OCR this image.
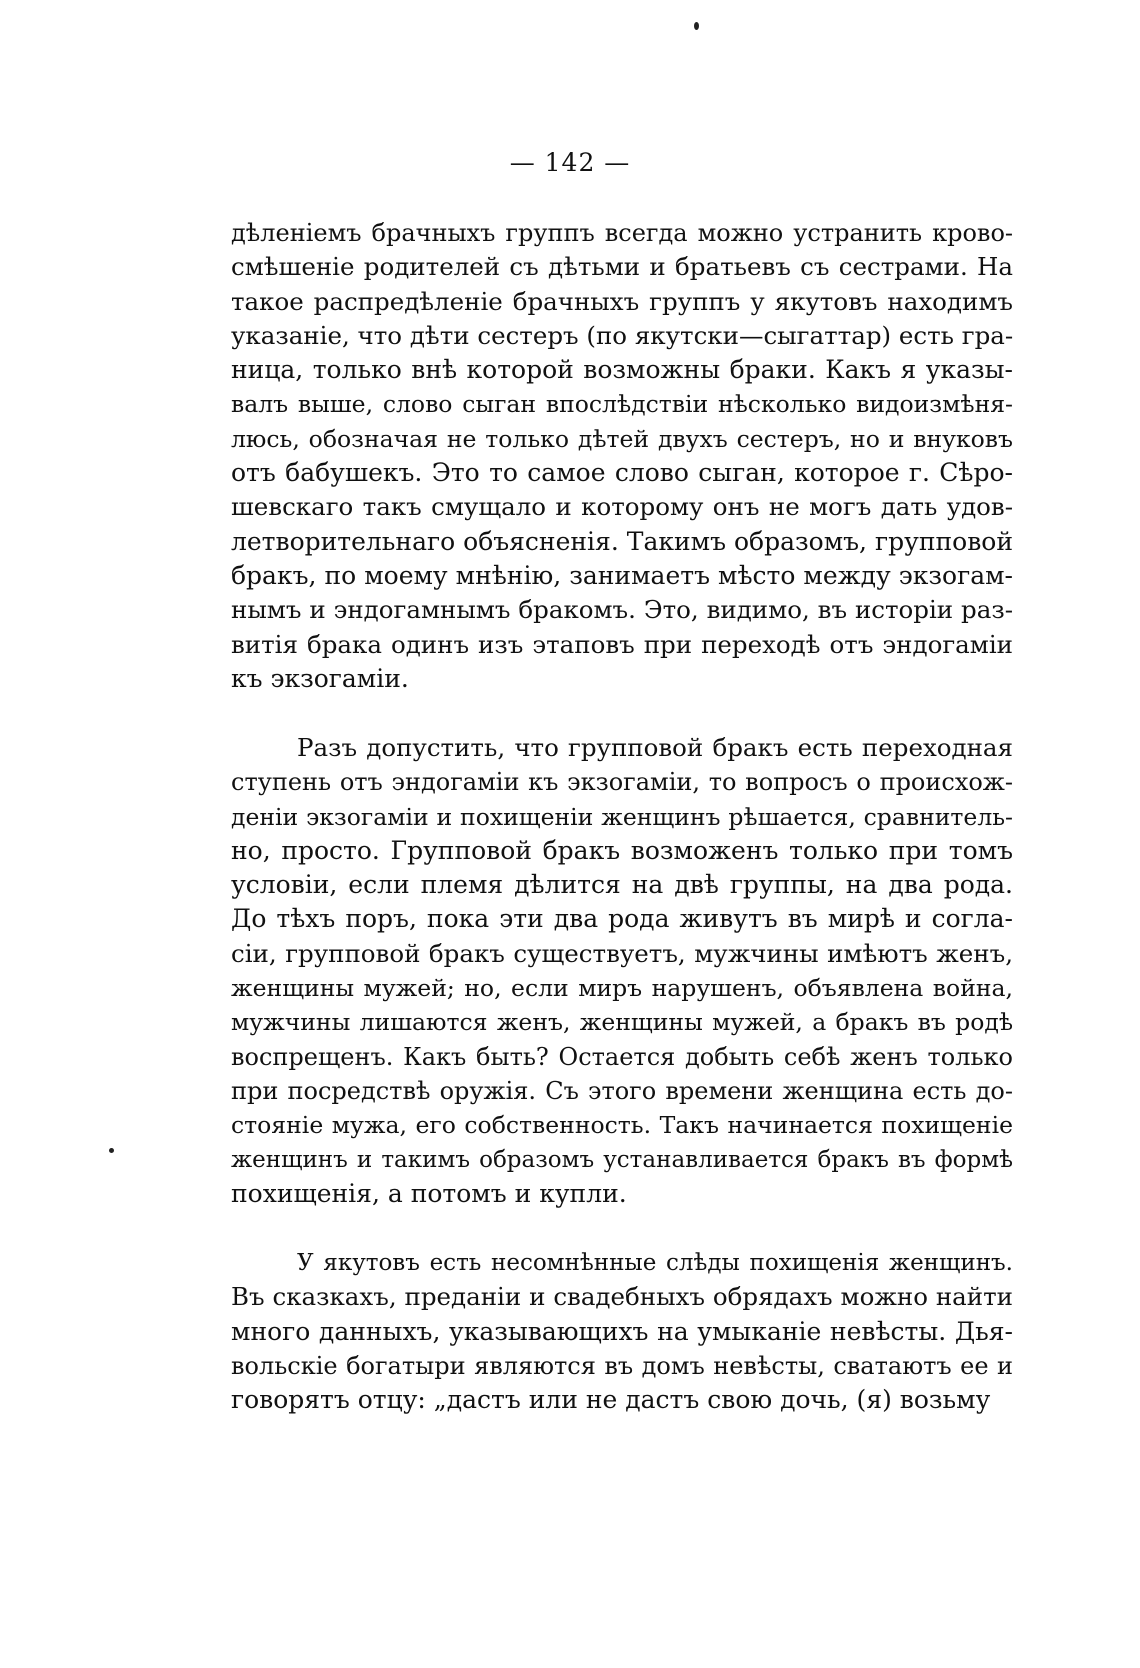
— 142 —
дѣленіемъ брачныхъ группъ всегда можно устранить крово-
смѣшеніе родителей съ дѣтьми и братьевъ съ сестрами. На
такое распредѣленіе брачныхъ группъ у якутовъ находимъ
указаніе, что дѣти сестеръ (по якутски—сыгаттар) есть гра-
ница, только внѣ которой возможны браки. Какъ я указы-
валъ выше, слово сыган впослѣдствіи нѣсколько видоизмѣня-
люсь, обозначая не только дѣтей двухъ сестеръ, но и внуковъ
отъ бабушекъ. Это то самое слово сыган, которое г. Сѣро-
шевскаго такъ смущало и которому онъ не могъ дать удов-
летворительнаго объясненія. Такимъ образомъ, групповой
бракъ, по моему мнѣнію, занимаетъ мѣсто между экзогам-
нымъ и эндогамнымъ бракомъ. Это, видимо, въ исторіи раз-
витія брака одинъ изъ этаповъ при переходѣ отъ эндогаміи
къ экзогаміи.
Разъ допустить, что групповой бракъ есть переходная
ступень отъ эндогаміи къ экзогаміи, то вопросъ о происхож-
деніи экзогаміи и похищеніи женщинъ рѣшается, сравнитель-
но, просто. Групповой бракъ возможенъ только при томъ
условіи, если племя дѣлится на двѣ группы, на два рода.
До тѣхъ поръ, пока эти два рода живутъ въ мирѣ и согла-
сіи, групповой бракъ существуетъ, мужчины имѣютъ женъ,
женщины мужей; но, если миръ нарушенъ, объявлена война,
мужчины лишаются женъ, женщины мужей, а бракъ въ родѣ
воспрещенъ. Какъ быть? Остается добыть себѣ женъ только
при посредствѣ оружія. Съ этого времени женщина есть до-
стояніе мужа, его собственность. Такъ начинается похищеніе
женщинъ и такимъ образомъ устанавливается бракъ въ формѣ
похищенія, а потомъ и купли.
У якутовъ есть несомнѣнные слѣды похищенія женщинъ.
Въ сказкахъ, преданіи и свадебныхъ обрядахъ можно найти
много данныхъ, указывающихъ на умыканіе невѣсты. Дья-
вольскіе богатыри являются въ домъ невѣсты, сватаютъ ее и
говорятъ отцу: „дастъ или не дастъ свою дочь, (я) возьму
